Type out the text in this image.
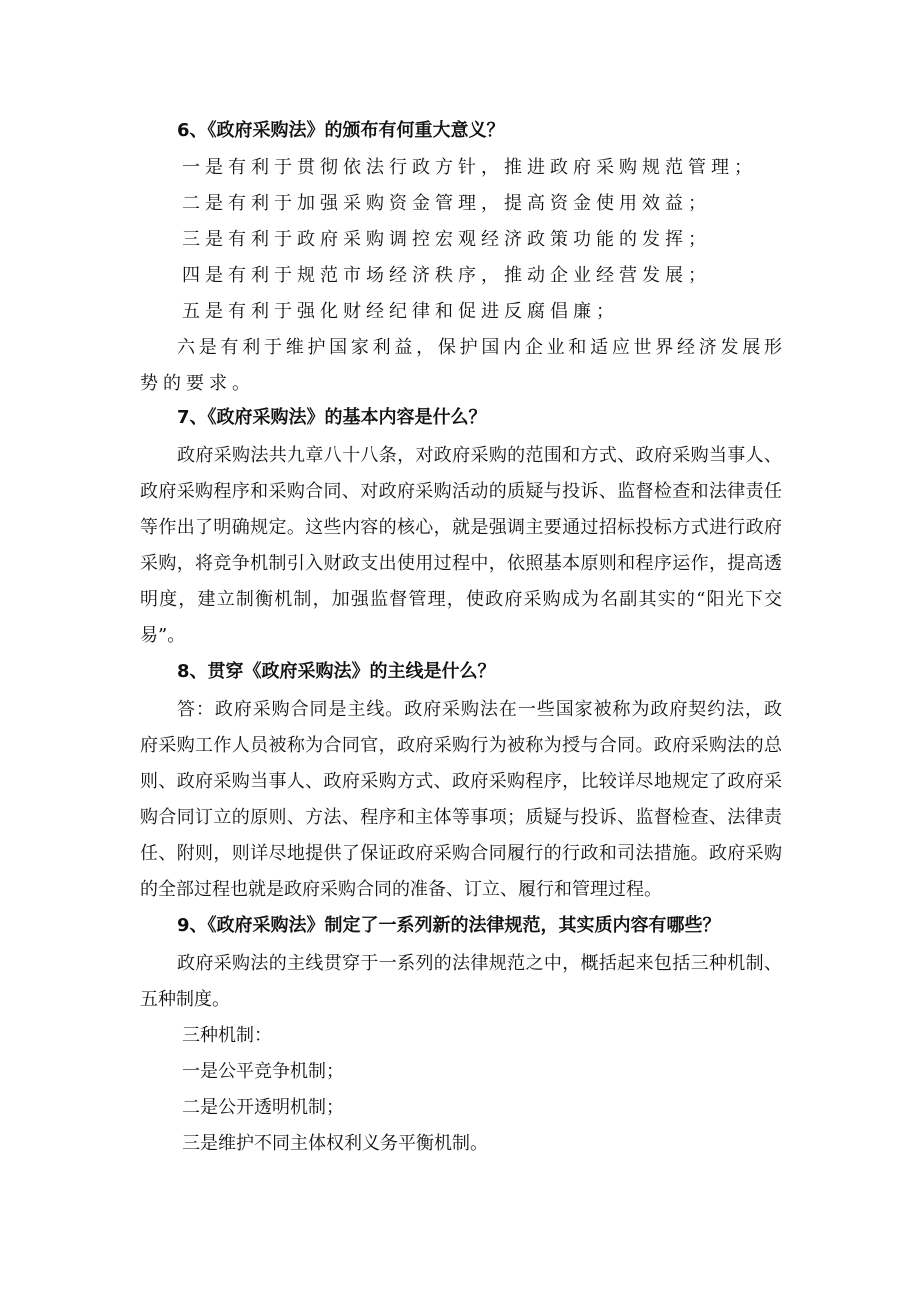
6、《政府采购法》的颁布有何重大意义？

一是有利于贯彻依法行政方针，推进政府采购规范管理；

二是有利于加强采购资金管理，提高资金使用效益；

三是有利于政府采购调控宏观经济政策功能的发挥；

四是有利于规范市场经济秩序，推动企业经营发展；

五是有利于强化财经纪律和促进反腐倡廉；

六是有利于维护国家利益，保护国内企业和适应世界经济发展形

势的要求。

7、《政府采购法》的基本内容是什么？

政府采购法共九章八十八条，对政府采购的范围和方式、政府采购当事人、

政府采购程序和采购合同、对政府采购活动的质疑与投诉、监督检查和法律责任

等作出了明确规定。这些内容的核心，就是强调主要通过招标投标方式进行政府

采购，将竞争机制引入财政支出使用过程中，依照基本原则和程序运作，提高透

明度，建立制衡机制，加强监督管理，使政府采购成为名副其实的“阳光下交

易”。

8、贯穿《政府采购法》的主线是什么？

答：政府采购合同是主线。政府采购法在一些国家被称为政府契约法，政

府采购工作人员被称为合同官，政府采购行为被称为授与合同。政府采购法的总

则、政府采购当事人、政府采购方式、政府采购程序，比较详尽地规定了政府采

购合同订立的原则、方法、程序和主体等事项；质疑与投诉、监督检查、法律责

任、附则，则详尽地提供了保证政府采购合同履行的行政和司法措施。政府采购

的全部过程也就是政府采购合同的准备、订立、履行和管理过程。

9、《政府采购法》制定了一系列新的法律规范，其实质内容有哪些？

政府采购法的主线贯穿于一系列的法律规范之中，概括起来包括三种机制、

五种制度。

三种机制：

一是公平竞争机制；

二是公开透明机制；

三是维护不同主体权利义务平衡机制。
